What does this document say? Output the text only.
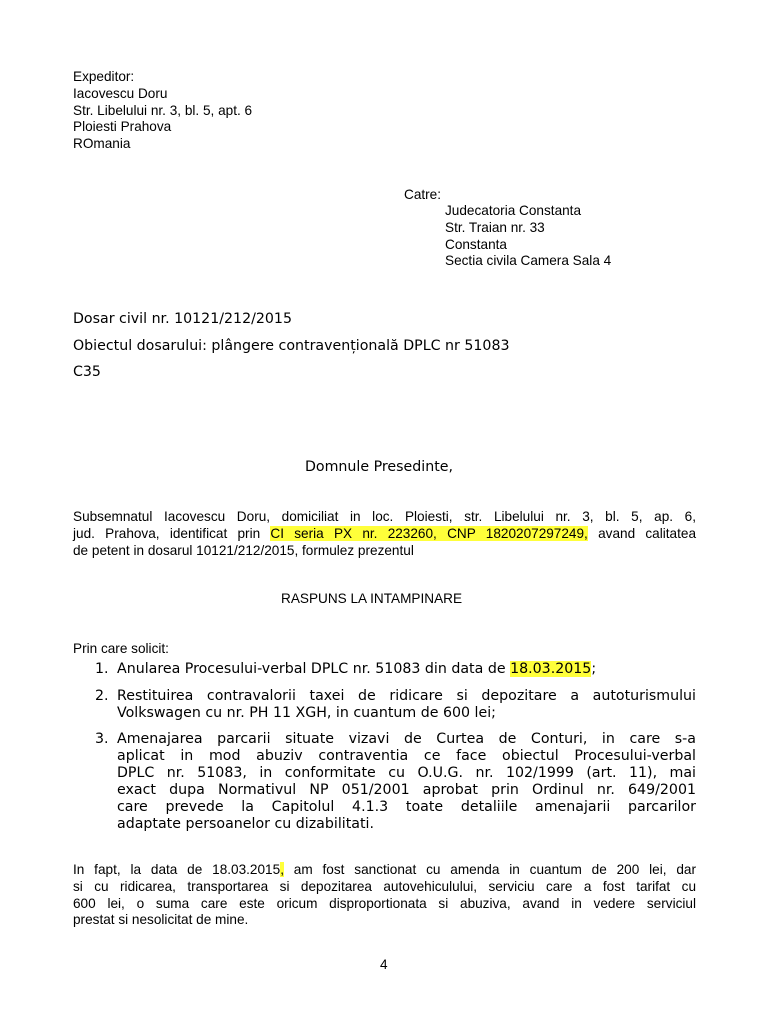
Expeditor:
Iacovescu Doru
Str. Libelului nr. 3, bl. 5, apt. 6
Ploiesti Prahova
ROmania
Catre:
Judecatoria Constanta
Str. Traian nr. 33
Constanta
Sectia civila Camera Sala 4
Dosar civil nr. 10121/212/2015
Obiectul dosarului: plângere contravențională DPLC nr 51083
C35
Domnule Presedinte,
Subsemnatul Iacovescu Doru, domiciliat in loc. Ploiesti, str. Libelului nr. 3, bl. 5, ap. 6,
jud. Prahova, identificat prin CI seria PX nr. 223260, CNP 1820207297249, avand calitatea
de petent in dosarul 10121/212/2015, formulez prezentul
RASPUNS LA INTAMPINARE
Prin care solicit:
1. Anularea Procesului-verbal DPLC nr. 51083 din data de 18.03.2015;
2. Restituirea contravalorii taxei de ridicare si depozitare a autoturismului
Volkswagen cu nr. PH 11 XGH, in cuantum de 600 lei;
3. Amenajarea parcarii situate vizavi de Curtea de Conturi, in care s-a
aplicat in mod abuziv contraventia ce face obiectul Procesului-verbal
DPLC nr. 51083, in conformitate cu O.U.G. nr. 102/1999 (art. 11), mai
exact dupa Normativul NP 051/2001 aprobat prin Ordinul nr. 649/2001
care prevede la Capitolul 4.1.3 toate detaliile amenajarii parcarilor
adaptate persoanelor cu dizabilitati.
In fapt, la data de 18.03.2015, am fost sanctionat cu amenda in cuantum de 200 lei, dar
si cu ridicarea, transportarea si depozitarea autovehiculului, serviciu care a fost tarifat cu
600 lei, o suma care este oricum disproportionata si abuziva, avand in vedere serviciul
prestat si nesolicitat de mine.
4
